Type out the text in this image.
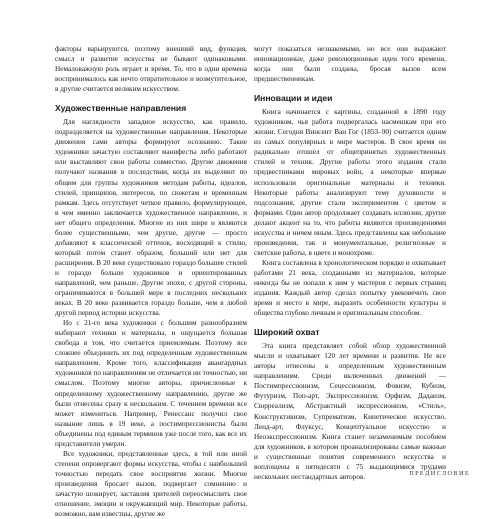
факторы варьируются, поэтому внешний вид, функция, смысл и развитие искусства не бывают одинаковыми. Немаловажную роль играет и время. То, что в одни времена воспринималось как нечто отвратительное и возмутительное, в другие считается великим искусством.

Художественные направления

Для наглядности западное искусство, как правило, подразделяется на художественные направления. Некоторые движения сами авторы формируют осознанно. Такие художники зачастую составляют манифесты либо работают или выставляют свои работы совместно. Другие движения получают названия в последствии, когда их выделяют по общим для группы художников методам работы, идеалов, стилей, принципов, интересов, по сюжетам и временным рамкам. Здесь отсутствует четкое правило, формулирующее, в чем именно заключается художественное направление, и нет общего определения. Многие из них шире и являются более существенными, чем другие, другие — просто добавляют к классической оттенок, восходящий к стилю, который потом станет образом, больший или нет для расширения. В 20 веке существовало гораздо большее стилей и гораздо больше художников и ориентированных направлений, чем раньше. Другие эпохи, с другой стороны, ограничиваются в большей мере в последних нескольких веках. В 20 веке развивается гораздо больше, чем в любой другой период истории искусства.

Но с 21-го века художники с большим разнообразием выбирают техники и материалы, и ощущается большая свобода в том, что считается приемлемым. Поэтому все сложнее объединить их под определенным художественным направлением. Кроме того, классификация авангардных художников по направлениям не отличается ни точностью, ни смыслом. Поэтому многие авторы, причисленные к определенному художественному направлению, другие же были отнесены сразу к нескольким. С течением времени все может измениться. Например, Ренессанс получил свое название лишь в 19 веке, а постимпрессионисты были объединены под единым терминов уже после того, как все их представители умерли.

Все художники, представленные здесь, в той или иной степени опровергают формы искусства, чтобы с наибольшей точностью передать свое восприятие жизни. Многие произведения бросает вызов, подвергает сомнению и зачастую шокирует, заставляя зрителей переосмыслить свое отношение, эмоции и окружающий мир. Некоторые работы, возможно, вам известны, другие же

могут показаться незнакомыми, но все они выражают инновационные, даже революционные идеи того времени, когда они были созданы, бросая вызов всем предшественникам.

Инновации и идеи

Книга начинается с картины, созданной в 1890 году художником, чья работа подвергалась насмешкам при его жизни. Сегодня Винсент Ван Гог (1853–90) считается одним из самых популярных в мире мастеров. В свое время он радикально отошел от общепринятых художественных стилей и техник. Другие работы этого издания стали предвестниками мировых войн, а некоторые впервые использовали оригинальные материалы и техники. Некоторые работы анализируют тему духовности и подсознания, другие стали экспериментом с цветом и формами. Один автор продолжает создавать иллюзии, другие делают акцент на то, что работы являются произведениями искусства и ничем иным. Здесь представлены как небольшие произведения, так и монументальные, религиозные и светские работы, в цвете и монохроме.

Книга составлена в хронологическом порядке и охватывает работами 21 века, созданными из материалов, которые никогда бы не попали к ним у мастеров с первых страниц издания. Каждый автор сделал попытку увековечить свое время и место в мире, выразить особенности культуры и общества глубоко личным и оригинальным способом.

Широкий охват

Эта книга представляет собой обзор художественной мысли и охватывает 120 лет времени и развития. Не все авторы отнесены к определенным художественным направлениям. Среди включенных движений — Постимпрессионизм, Сецессионизм, Фовизм, Кубизм, Футуризм, Поп-арт, Экспрессионизм, Орфизм, Дадаизм, Сюрреализм, Абстрактный экспрессионизм, «Стиль», Конструктивизм, Супрематизм, Кинетическое искусство, Ленд-арт, Флуксус, Концептуальное искусство и Неоэкспрессионизм. Книга станет незаменимым пособием для художников, в котором проанализированы самые важные и существенные понятия современного искусства и воплощены в пятидесяти с 75 выдающимися трудами нескольких нестандартных авторов.	ПРЕДИСЛОВИЕ
